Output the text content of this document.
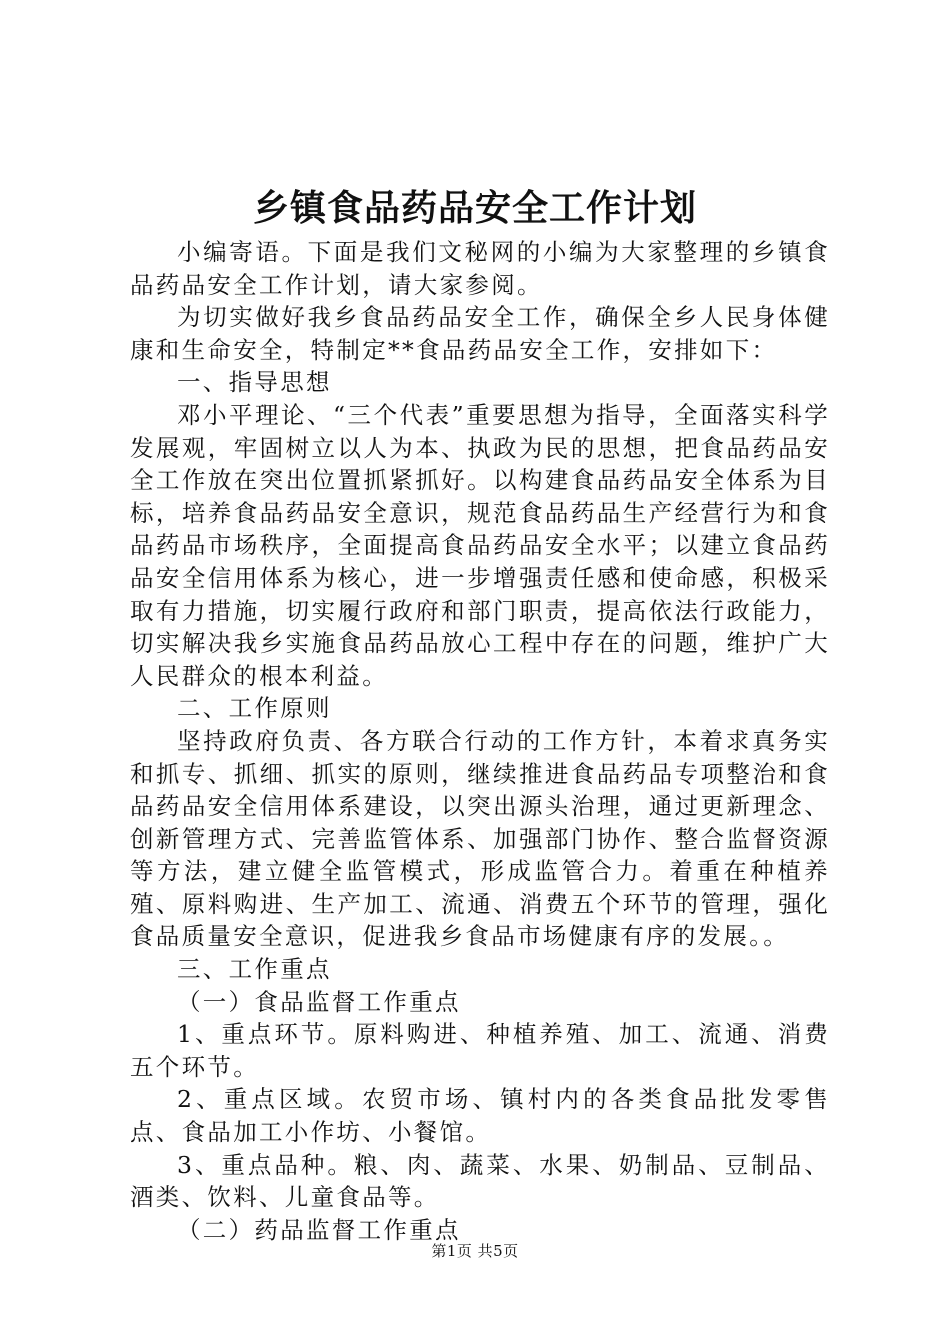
乡镇食品药品安全工作计划

小编寄语。下面是我们文秘网的小编为大家整理的乡镇食品药品安全工作计划，请大家参阅。

为切实做好我乡食品药品安全工作，确保全乡人民身体健康和生命安全，特制定**食品药品安全工作，安排如下：

一、指导思想

邓小平理论、“三个代表”重要思想为指导，全面落实科学发展观，牢固树立以人为本、执政为民的思想，把食品药品安全工作放在突出位置抓紧抓好。以构建食品药品安全体系为目标，培养食品药品安全意识，规范食品药品生产经营行为和食品药品市场秩序，全面提高食品药品安全水平；以建立食品药品安全信用体系为核心，进一步增强责任感和使命感，积极采取有力措施，切实履行政府和部门职责，提高依法行政能力，切实解决我乡实施食品药品放心工程中存在的问题，维护广大人民群众的根本利益。

二、工作原则

坚持政府负责、各方联合行动的工作方针，本着求真务实和抓专、抓细、抓实的原则，继续推进食品药品专项整治和食品药品安全信用体系建设，以突出源头治理，通过更新理念、创新管理方式、完善监管体系、加强部门协作、整合监督资源等方法，建立健全监管模式，形成监管合力。着重在种植养殖、原料购进、生产加工、流通、消费五个环节的管理，强化食品质量安全意识，促进我乡食品市场健康有序的发展。。

三、工作重点

（一）食品监督工作重点

1、重点环节。原料购进、种植养殖、加工、流通、消费五个环节。

2、重点区域。农贸市场、镇村内的各类食品批发零售点、食品加工小作坊、小餐馆。

3、重点品种。粮、肉、蔬菜、水果、奶制品、豆制品、酒类、饮料、儿童食品等。

（二）药品监督工作重点

第1页 共5页
